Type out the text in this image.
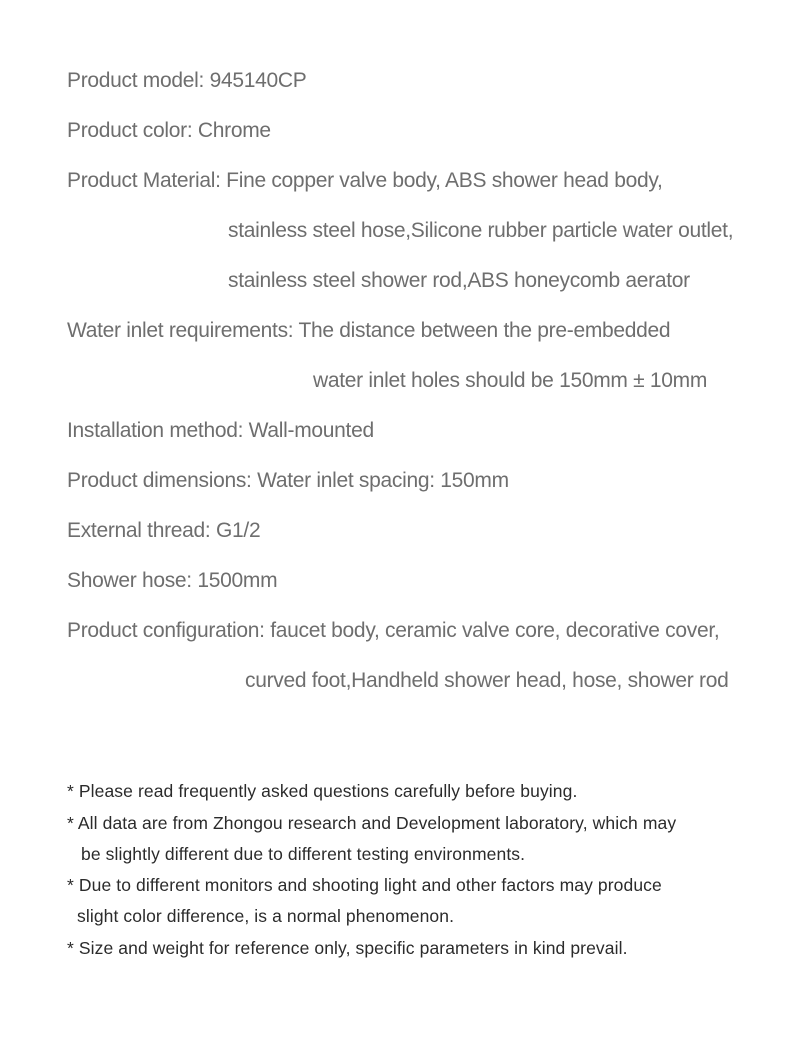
Product model: 945140CP
Product color: Chrome
Product Material: Fine copper valve body, ABS shower head body,
stainless steel hose,Silicone rubber particle water outlet,
stainless steel shower rod,ABS honeycomb aerator
Water inlet requirements: The distance between the pre-embedded
water inlet holes should be 150mm ± 10mm
Installation method: Wall-mounted
Product dimensions: Water inlet spacing: 150mm
External thread: G1/2
Shower hose: 1500mm
Product configuration: faucet body, ceramic valve core, decorative cover,
curved foot,Handheld shower head, hose, shower rod
* Please read frequently asked questions carefully before buying.
* All data are from Zhongou research and Development laboratory, which may
be slightly different due to different testing environments.
* Due to different monitors and shooting light and other factors may produce
slight color difference, is a normal phenomenon.
* Size and weight for reference only, specific parameters in kind prevail.
